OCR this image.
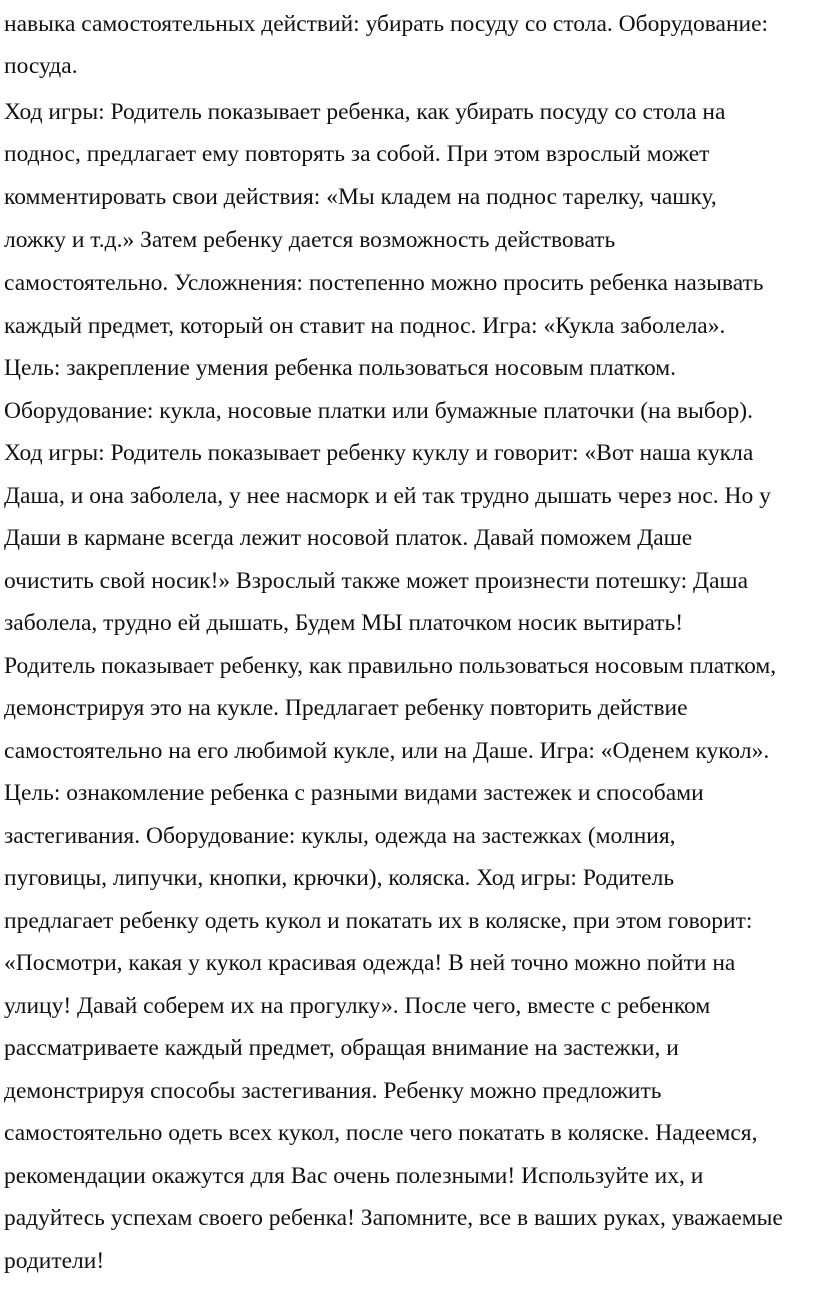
навыка самостоятельных действий: убирать посуду со стола. Оборудование:
посуда.
Ход игры: Родитель показывает ребенка, как убирать посуду со стола на
поднос, предлагает ему повторять за собой. При этом взрослый может
комментировать свои действия: «Мы кладем на поднос тарелку, чашку,
ложку и т.д.» Затем ребенку дается возможность действовать
самостоятельно. Усложнения: постепенно можно просить ребенка называть
каждый предмет, который он ставит на поднос. Игра: «Кукла заболела».
Цель: закрепление умения ребенка пользоваться носовым платком.
Оборудование: кукла, носовые платки или бумажные платочки (на выбор).
Ход игры: Родитель показывает ребенку куклу и говорит: «Вот наша кукла
Даша, и она заболела, у нее насморк и ей так трудно дышать через нос. Но у
Даши в кармане всегда лежит носовой платок. Давай поможем Даше
очистить свой носик!» Взрослый также может произнести потешку: Даша
заболела, трудно ей дышать, Будем МЫ платочком носик вытирать!
Родитель показывает ребенку, как правильно пользоваться носовым платком,
демонстрируя это на кукле. Предлагает ребенку повторить действие
самостоятельно на его любимой кукле, или на Даше. Игра: «Оденем кукол».
Цель: ознакомление ребенка с разными видами застежек и способами
застегивания. Оборудование: куклы, одежда на застежках (молния,
пуговицы, липучки, кнопки, крючки), коляска. Ход игры: Родитель
предлагает ребенку одеть кукол и покатать их в коляске, при этом говорит:
«Посмотри, какая у кукол красивая одежда! В ней точно можно пойти на
улицу! Давай соберем их на прогулку». После чего, вместе с ребенком
рассматриваете каждый предмет, обращая внимание на застежки, и
демонстрируя способы застегивания. Ребенку можно предложить
самостоятельно одеть всех кукол, после чего покатать в коляске. Надеемся,
рекомендации окажутся для Вас очень полезными! Используйте их, и
радуйтесь успехам своего ребенка! Запомните, все в ваших руках, уважаемые
родители!
